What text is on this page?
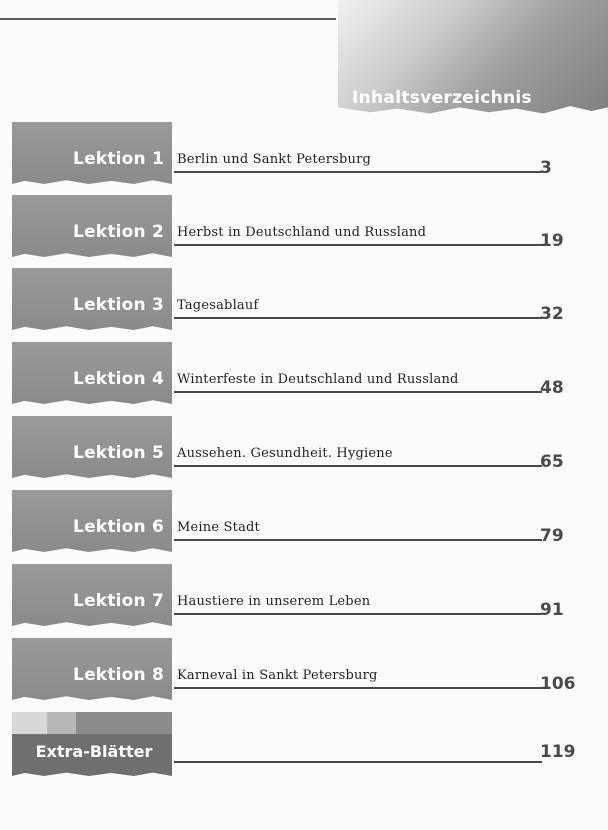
Inhaltsverzeichnis
Lektion 1 Berlin und Sankt Petersburg	3
Lektion 2 Herbst in Deutschland und Russland	19
Lektion 3 Tagesablauf	32
Lektion 4 Winterfeste in Deutschland und Russland	48
Lektion 5 Aussehen. Gesundheit. Hygiene	65
Lektion 6 Meine Stadt	79
Lektion 7 Haustiere in unserem Leben	91
Lektion 8 Karneval in Sankt Petersburg	106
Extra-Blätter	119
